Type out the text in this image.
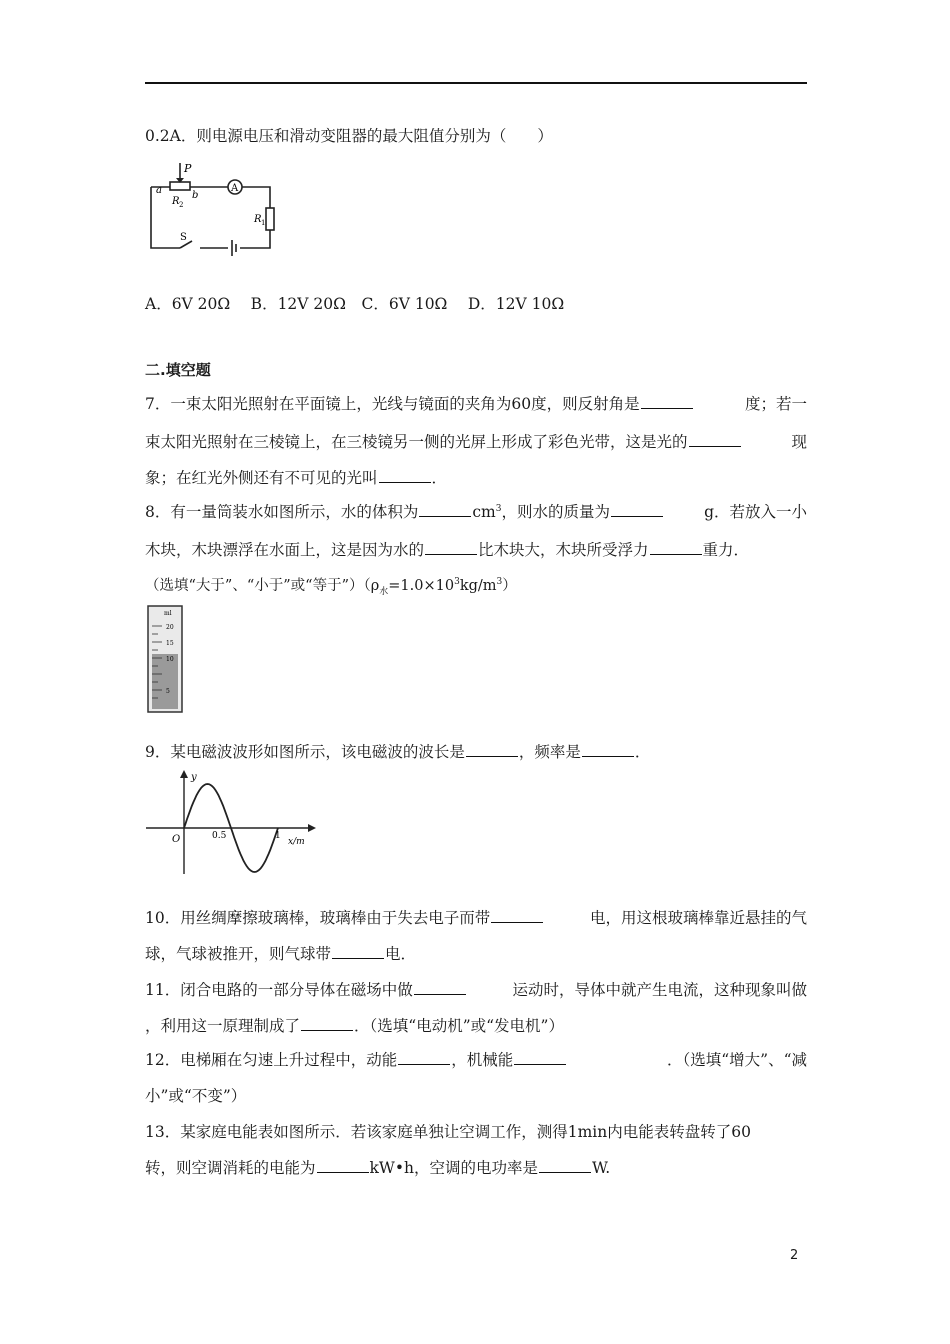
0.2A．则电源电压和滑动变阻器的最大阻值分别为（　　）
P
a	b
R 2
R 1
S
A
A．6V 20Ω　 B．12V 20Ω　C．6V 10Ω　 D．12V 10Ω
二.填空题
7．一束太阳光照射在平面镜上，光线与镜面的夹角为60度，则反射角是	度；若一
束太阳光照射在三棱镜上，在三棱镜另一侧的光屏上形成了彩色光带，这是光的	现
象；在红光外侧还有不可见的光叫	．
8．有一量筒装水如图所示，水的体积为	$cm^3$，则水的质量为	g．若放入一小
木块，木块漂浮在水面上，这是因为水的	比木块大，木块所受浮力	重力．
（选填“大于”、“小于”或“等于$”)(\rho_水=1.0\times 10^3kg/m^3)$
ml
20
15
10
5
9．某电磁波波形如图所示，该电磁波的波长是	，频率是	．
y
O	0.5	1
x/m
10．用丝绸摩擦玻璃棒，玻璃棒由于失去电子而带	电，用这根玻璃棒靠近悬挂的气
球，气球被推开，则气球带	电．
11．闭合电路的一部分导体在磁场中做	运动时，导体中就产生电流，这种现象叫做
，利用这一原理制成了	．（选填“电动机”或“发电机”）
12．电梯厢在匀速上升过程中，动能	，机械能	．（选填“增大”、“减
小”或“不变”）
13．某家庭电能表如图所示．若该家庭单独让空调工作，测得1min内电能表转盘转了60
转，则空调消耗的电能为	kW•h，空调的电功率是	W.
2
